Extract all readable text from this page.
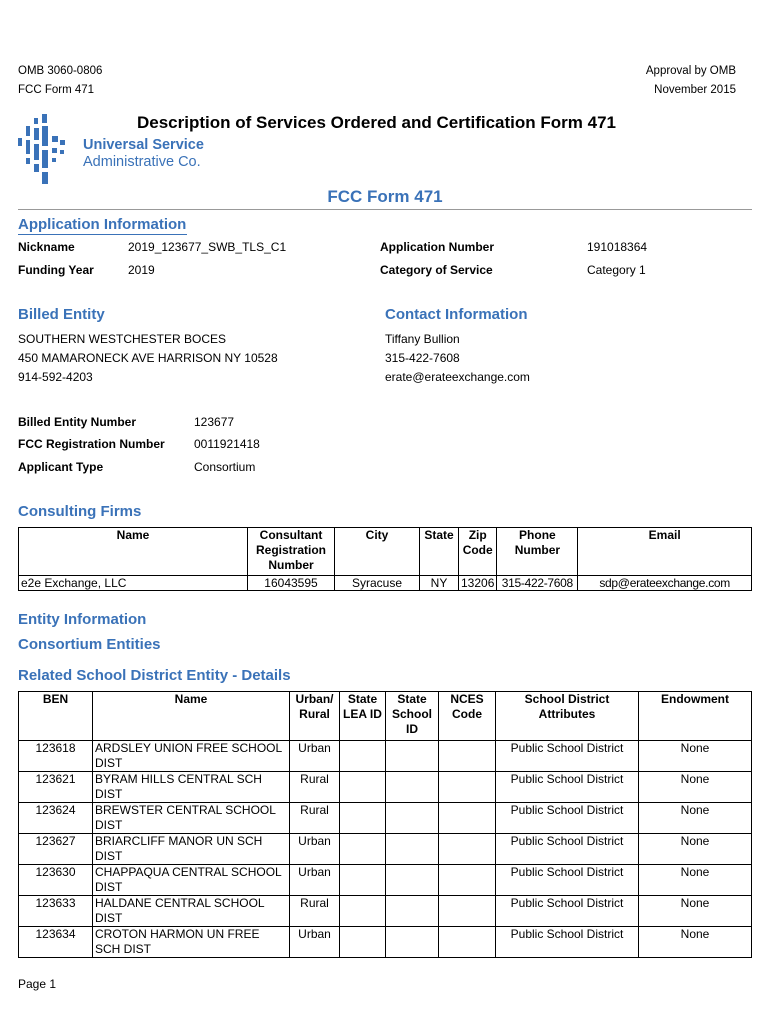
OMB 3060-0806
FCC Form 471
Approval by OMB
November 2015
Universal Service
Administrative Co.
Description of Services Ordered and Certification Form 471
FCC Form 471
Application Information
Nickname	2019_123677_SWB_TLS_C1	Application Number	191018364
Funding Year	2019	Category of Service	Category 1
Billed Entity
SOUTHERN WESTCHESTER BOCES
450 MAMARONECK AVE HARRISON NY 10528
914-592-4203
Contact Information
Tiffany Bullion
315-422-7608
erate@erateexchange.com
Billed Entity Number	123677
FCC Registration Number 0011921418
Applicant Type	Consortium
Consulting Firms
Name	Consultant Registration Number	City	State	Zip Code	Phone Number	Email
e2e Exchange, LLC	16043595	Syracuse	NY	13206	315-422-7608	sdp@erateexchange.com
Entity Information
Consortium Entities
Related School District Entity - Details
BEN	Name	Urban/ Rural	State LEA ID	State School ID	NCES Code	School District Attributes	Endowment
123618	ARDSLEY UNION FREE SCHOOL DIST	Urban				Public School District	None
123621	BYRAM HILLS CENTRAL SCH DIST	Rural				Public School District	None
123624	BREWSTER CENTRAL SCHOOL DIST	Rural				Public School District	None
123627	BRIARCLIFF MANOR UN SCH DIST	Urban				Public School District	None
123630	CHAPPAQUA CENTRAL SCHOOL DIST	Urban				Public School District	None
123633	HALDANE CENTRAL SCHOOL DIST	Rural				Public School District	None
123634	CROTON HARMON UN FREE SCH DIST	Urban				Public School District	None
Page 1
